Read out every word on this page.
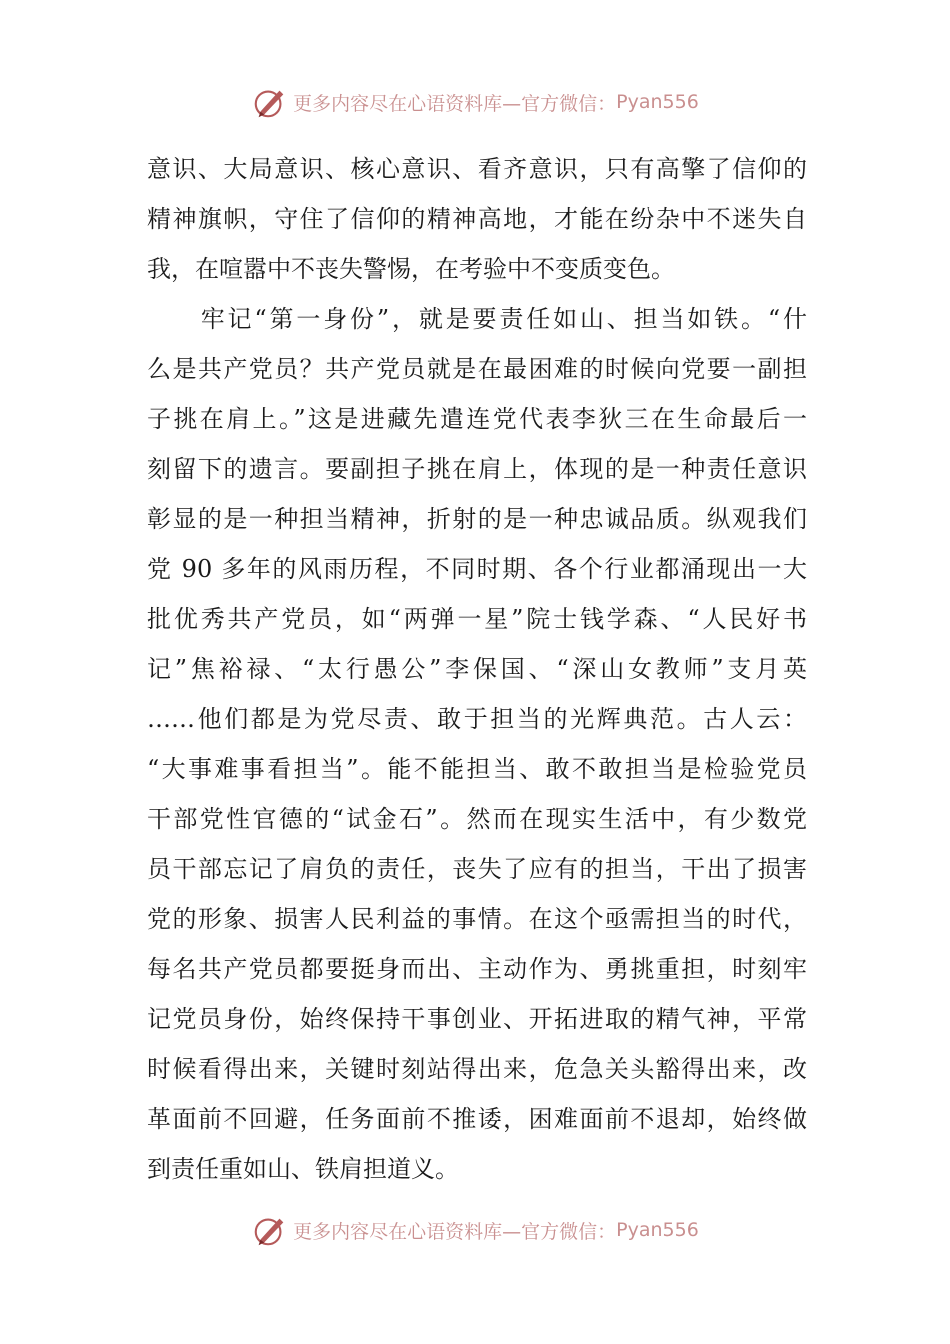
更多内容尽在心语资料库—官方微信： Pyan556
意识、大局意识、核心意识、看齐意识，只有高擎了信仰的
精神旗帜，守住了信仰的精神高地，才能在纷杂中不迷失自
我，在喧嚣中不丧失警惕，在考验中不变质变色。
　　牢记“第一身份”，就是要责任如山、担当如铁。“什
么是共产党员？共产党员就是在最困难的时候向党要一副担
子挑在肩上。”这是进藏先遣连党代表李狄三在生命最后一
刻留下的遗言。要副担子挑在肩上，体现的是一种责任意识
彰显的是一种担当精神，折射的是一种忠诚品质。纵观我们
党 90 多年的风雨历程，不同时期、各个行业都涌现出一大
批优秀共产党员，如“两弹一星”院士钱学森、“人民好书
记”焦裕禄、“太行愚公”李保国、“深山女教师”支月英
……他们都是为党尽责、敢于担当的光辉典范。古人云：
“大事难事看担当”。能不能担当、敢不敢担当是检验党员
干部党性官德的“试金石”。然而在现实生活中，有少数党
员干部忘记了肩负的责任，丧失了应有的担当，干出了损害
党的形象、损害人民利益的事情。在这个亟需担当的时代，
每名共产党员都要挺身而出、主动作为、勇挑重担，时刻牢
记党员身份，始终保持干事创业、开拓进取的精气神，平常
时候看得出来，关键时刻站得出来，危急关头豁得出来，改
革面前不回避，任务面前不推诿，困难面前不退却，始终做
到责任重如山、铁肩担道义。
更多内容尽在心语资料库—官方微信： Pyan556
